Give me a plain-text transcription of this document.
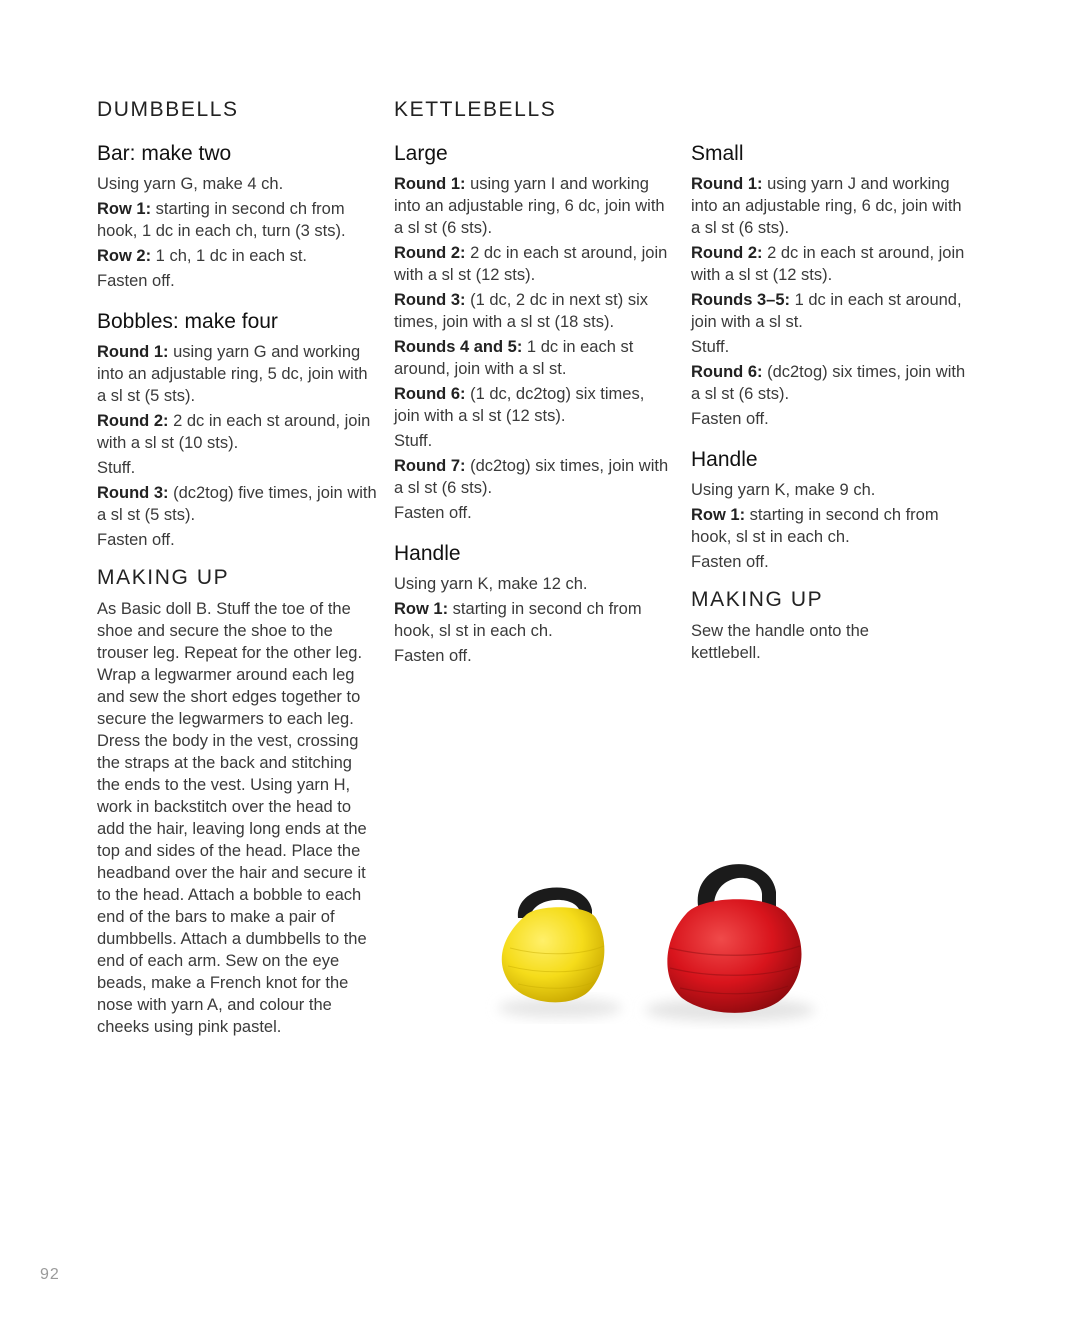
DUMBBELLS
Bar: make two

Using yarn G, make 4 ch.

Row 1: starting in second ch from hook, 1 dc in each ch, turn (3 sts).

Row 2: 1 ch, 1 dc in each st.

Fasten off.

Bobbles: make four

Round 1: using yarn G and working into an adjustable ring, 5 dc, join with a sl st (5 sts).

Round 2: 2 dc in each st around, join with a sl st (10 sts).

Stuff.

Round 3: (dc2tog) five times, join with a sl st (5 sts).

Fasten off.

MAKING UP

As Basic doll B. Stuff the toe of the shoe and secure the shoe to the trouser leg. Repeat for the other leg. Wrap a legwarmer around each leg and sew the short edges together to secure the legwarmers to each leg. Dress the body in the vest, crossing the straps at the back and stitching the ends to the vest. Using yarn H, work in backstitch over the head to add the hair, leaving long ends at the top and sides of the head. Place the headband over the hair and secure it to the head. Attach a bobble to each end of the bars to make a pair of dumbbells. Attach a dumbbells to the end of each arm. Sew on the eye beads, make a French knot for the nose with yarn A, and colour the cheeks using pink pastel.

KETTLEBELLS
Large

Round 1: using yarn I and working into an adjustable ring, 6 dc, join with a sl st (6 sts).

Round 2: 2 dc in each st around, join with a sl st (12 sts).

Round 3: (1 dc, 2 dc in next st) six times, join with a sl st (18 sts).

Rounds 4 and 5: 1 dc in each st around, join with a sl st.

Round 6: (1 dc, dc2tog) six times, join with a sl st (12 sts).

Stuff.

Round 7: (dc2tog) six times, join with a sl st (6 sts).

Fasten off.

Handle

Using yarn K, make 12 ch.

Row 1: starting in second ch from hook, sl st in each ch.

Fasten off.

Small

Round 1: using yarn J and working into an adjustable ring, 6 dc, join with a sl st (6 sts).

Round 2: 2 dc in each st around, join with a sl st (12 sts).

Rounds 3–5: 1 dc in each st around, join with a sl st.

Stuff.

Round 6: (dc2tog) six times, join with a sl st (6 sts).

Fasten off.

Handle

Using yarn K, make 9 ch.

Row 1: starting in second ch from hook, sl st in each ch.

Fasten off.

MAKING UP

Sew the handle onto the kettlebell.

92
